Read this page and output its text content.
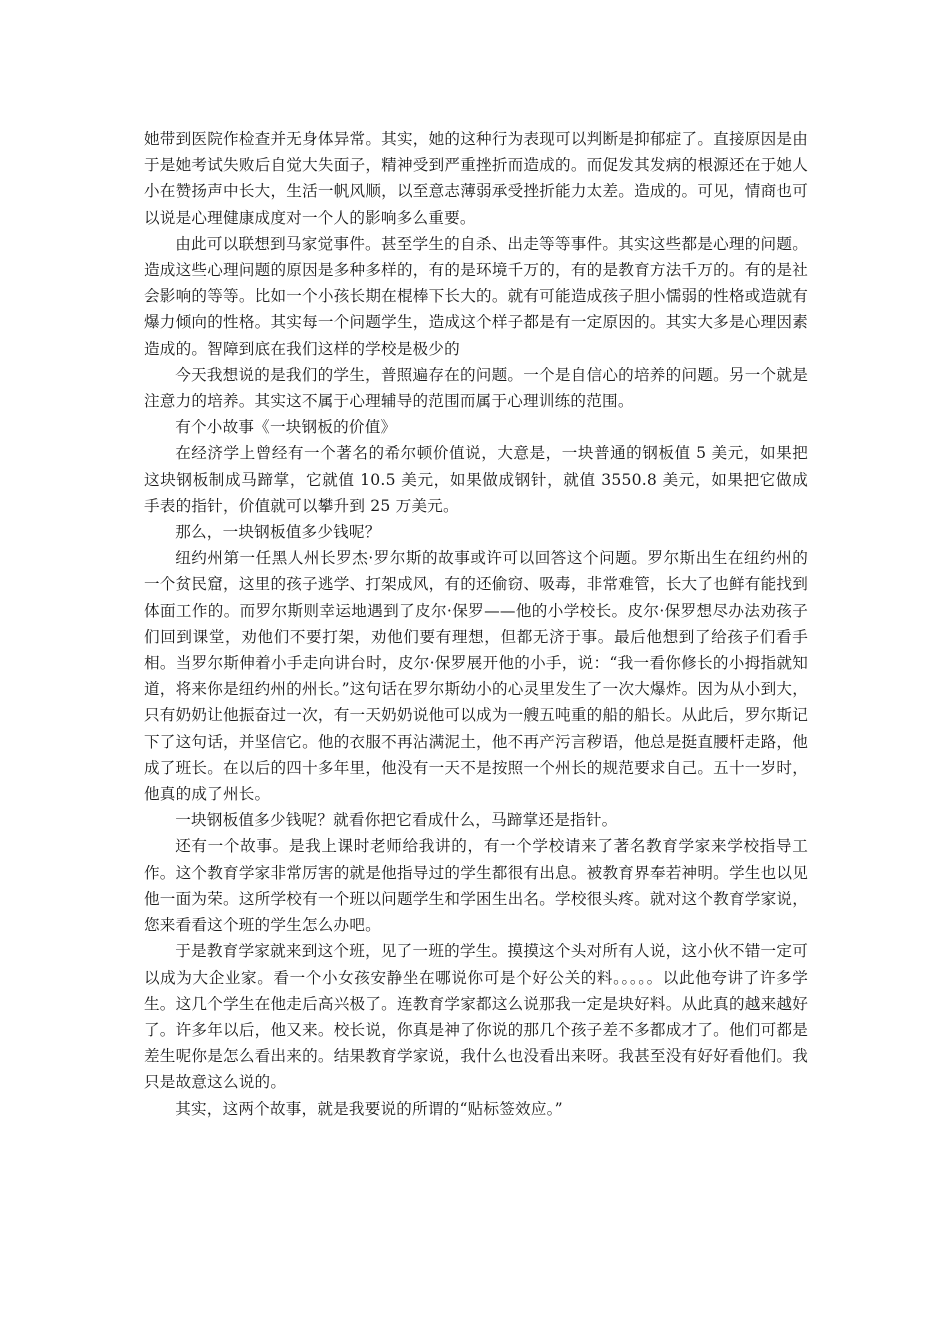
她带到医院作检查并无身体异常。其实，她的这种行为表现可以判断是抑郁症了。直接原因是由于是她考试失败后自觉大失面子，精神受到严重挫折而造成的。而促发其发病的根源还在于她人小在赞扬声中长大，生活一帆风顺，以至意志薄弱承受挫折能力太差。造成的。可见，情商也可以说是心理健康成度对一个人的影响多么重要。

由此可以联想到马家觉事件。甚至学生的自杀、出走等等事件。其实这些都是心理的问题。造成这些心理问题的原因是多种多样的，有的是环境千万的，有的是教育方法千万的。有的是社会影响的等等。比如一个小孩长期在棍棒下长大的。就有可能造成孩子胆小懦弱的性格或造就有爆力倾向的性格。其实每一个问题学生，造成这个样子都是有一定原因的。其实大多是心理因素造成的。智障到底在我们这样的学校是极少的

今天我想说的是我们的学生，普照遍存在的问题。一个是自信心的培养的问题。另一个就是注意力的培养。其实这不属于心理辅导的范围而属于心理训练的范围。

有个小故事《一块钢板的价值》

在经济学上曾经有一个著名的希尔顿价值说，大意是，一块普通的钢板值 5 美元，如果把这块钢板制成马蹄掌，它就值 10.5 美元，如果做成钢针，就值 3550.8 美元，如果把它做成手表的指针，价值就可以攀升到 25 万美元。

那么，一块钢板值多少钱呢？

纽约州第一任黑人州长罗杰·罗尔斯的故事或许可以回答这个问题。罗尔斯出生在纽约州的一个贫民窟，这里的孩子逃学、打架成风，有的还偷窃、吸毒，非常难管，长大了也鲜有能找到体面工作的。而罗尔斯则幸运地遇到了皮尔·保罗——他的小学校长。皮尔·保罗想尽办法劝孩子们回到课堂，劝他们不要打架，劝他们要有理想，但都无济于事。最后他想到了给孩子们看手相。当罗尔斯伸着小手走向讲台时，皮尔·保罗展开他的小手，说：“我一看你修长的小拇指就知道，将来你是纽约州的州长。”这句话在罗尔斯幼小的心灵里发生了一次大爆炸。因为从小到大，只有奶奶让他振奋过一次，有一天奶奶说他可以成为一艘五吨重的船的船长。从此后，罗尔斯记下了这句话，并坚信它。他的衣服不再沾满泥土，他不再产污言秽语，他总是挺直腰杆走路，他成了班长。在以后的四十多年里，他没有一天不是按照一个州长的规范要求自己。五十一岁时，他真的成了州长。

一块钢板值多少钱呢？就看你把它看成什么，马蹄掌还是指针。

还有一个故事。是我上课时老师给我讲的，有一个学校请来了著名教育学家来学校指导工作。这个教育学家非常厉害的就是他指导过的学生都很有出息。被教育界奉若神明。学生也以见他一面为荣。这所学校有一个班以问题学生和学困生出名。学校很头疼。就对这个教育学家说，您来看看这个班的学生怎么办吧。

于是教育学家就来到这个班，见了一班的学生。摸摸这个头对所有人说，这小伙不错一定可以成为大企业家。看一个小女孩安静坐在哪说你可是个好公关的料。。。。。以此他夸讲了许多学生。这几个学生在他走后高兴极了。连教育学家都这么说那我一定是块好料。从此真的越来越好了。许多年以后，他又来。校长说，你真是神了你说的那几个孩子差不多都成才了。他们可都是差生呢你是怎么看出来的。结果教育学家说，我什么也没看出来呀。我甚至没有好好看他们。我只是故意这么说的。

其实，这两个故事，就是我要说的所谓的“贴标签效应。”
